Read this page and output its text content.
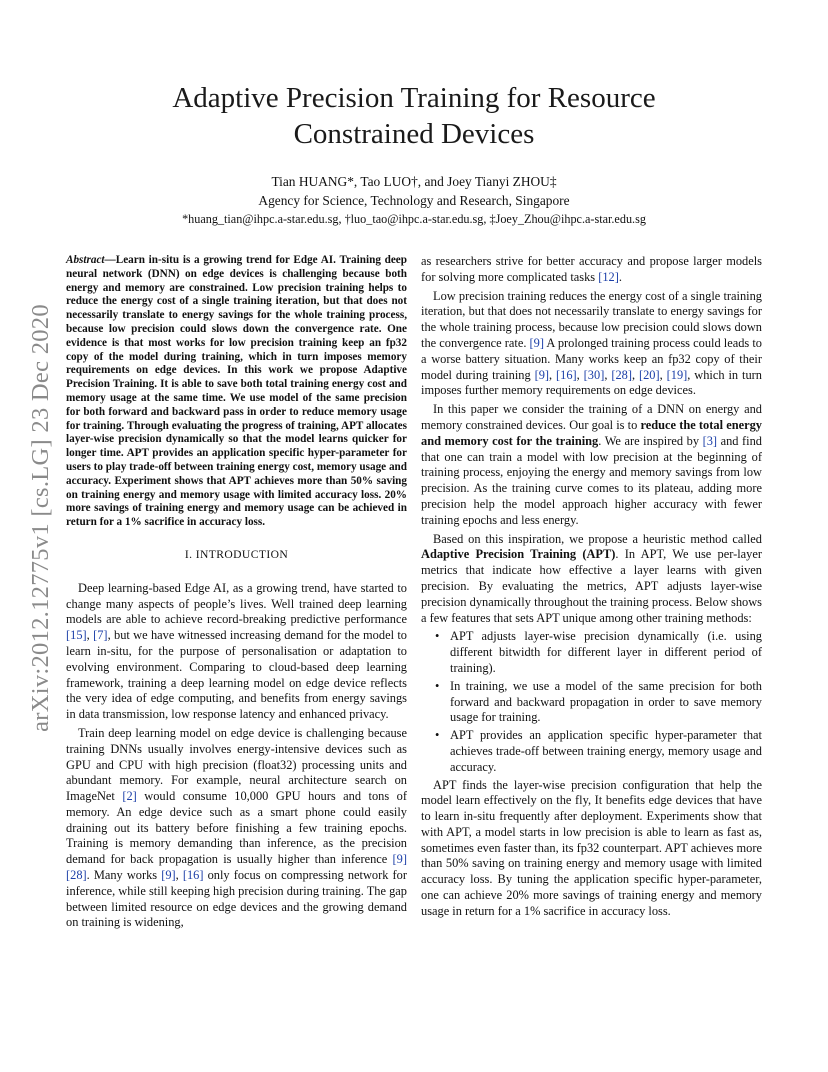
Adaptive Precision Training for Resource
Constrained Devices
Tian HUANG*, Tao LUO†, and Joey Tianyi ZHOU‡
Agency for Science, Technology and Research, Singapore
*huang_tian@ihpc.a-star.edu.sg, †luo_tao@ihpc.a-star.edu.sg, ‡Joey_Zhou@ihpc.a-star.edu.sg
arXiv:2012.12775v1 [cs.LG] 23 Dec 2020

Abstract—Learn in-situ is a growing trend for Edge AI. Training deep neural network (DNN) on edge devices is challenging because both energy and memory are constrained. Low precision training helps to reduce the energy cost of a single training iteration, but that does not necessarily translate to energy savings for the whole training process, because low precision could slows down the convergence rate. One evidence is that most works for low precision training keep an fp32 copy of the model during training, which in turn imposes memory requirements on edge devices. In this work we propose Adaptive Precision Training. It is able to save both total training energy cost and memory usage at the same time. We use model of the same precision for both forward and backward pass in order to reduce memory usage for training. Through evaluating the progress of training, APT allocates layer-wise precision dynamically so that the model learns quicker for longer time. APT provides an application specific hyper-parameter for users to play trade-off between training energy cost, memory usage and accuracy. Experiment shows that APT achieves more than 50% saving on training energy and memory usage with limited accuracy loss. 20% more savings of training energy and memory usage can be achieved in return for a 1% sacrifice in accuracy loss.

I. INTRODUCTION

Deep learning-based Edge AI, as a growing trend, have started to change many aspects of people’s lives. Well trained deep learning models are able to achieve record-breaking predictive performance [15], [7], but we have witnessed increasing demand for the model to learn in-situ, for the purpose of personalisation or adaptation to evolving environment. Comparing to cloud-based deep learning framework, training a deep learning model on edge device reflects the very idea of edge computing, and benefits from energy savings in data transmission, low response latency and enhanced privacy.

Train deep learning model on edge device is challenging because training DNNs usually involves energy-intensive devices such as GPU and CPU with high precision (float32) processing units and abundant memory. For example, neural architecture search on ImageNet [2] would consume 10,000 GPU hours and tons of memory. An edge device such as a smart phone could easily draining out its battery before finishing a few training epochs. Training is memory demanding than inference, as the precision demand for back propagation is usually higher than inference [9] [28]. Many works [9], [16] only focus on compressing network for inference, while still keeping high precision during training. The gap between limited resource on edge devices and the growing demand on training is widening,

as researchers strive for better accuracy and propose larger models for solving more complicated tasks [12].

Low precision training reduces the energy cost of a single training iteration, but that does not necessarily translate to energy savings for the whole training process, because low precision could slows down the convergence rate. [9] A prolonged training process could leads to a worse battery situation. Many works keep an fp32 copy of their model during training [9], [16], [30], [28], [20], [19], which in turn imposes further memory requirements on edge devices.

In this paper we consider the training of a DNN on energy and memory constrained devices. Our goal is to reduce the total energy and memory cost for the training. We are inspired by [3] and find that one can train a model with low precision at the beginning of training process, enjoying the energy and memory savings from low precision. As the training curve comes to its plateau, adding more precision help the model approach higher accuracy with fewer training epochs and less energy.

Based on this inspiration, we propose a heuristic method called Adaptive Precision Training (APT). In APT, We use per-layer metrics that indicate how effective a layer learns with given precision. By evaluating the metrics, APT adjusts layer-wise precision dynamically throughout the training process. Below shows a few features that sets APT unique among other training methods:

• APT adjusts layer-wise precision dynamically (i.e. using different bitwidth for different layer in different period of training).
• In training, we use a model of the same precision for both forward and backward propagation in order to save memory usage for training.
• APT provides an application specific hyper-parameter that achieves trade-off between training energy, memory usage and accuracy.

APT finds the layer-wise precision configuration that help the model learn effectively on the fly, It benefits edge devices that have to learn in-situ frequently after deployment. Experiments show that with APT, a model starts in low precision is able to learn as fast as, sometimes even faster than, its fp32 counterpart. APT achieves more than 50% saving on training energy and memory usage with limited accuracy loss. By tuning the application specific hyper-parameter, one can achieve 20% more savings of training energy and memory usage in return for a 1% sacrifice in accuracy loss.
